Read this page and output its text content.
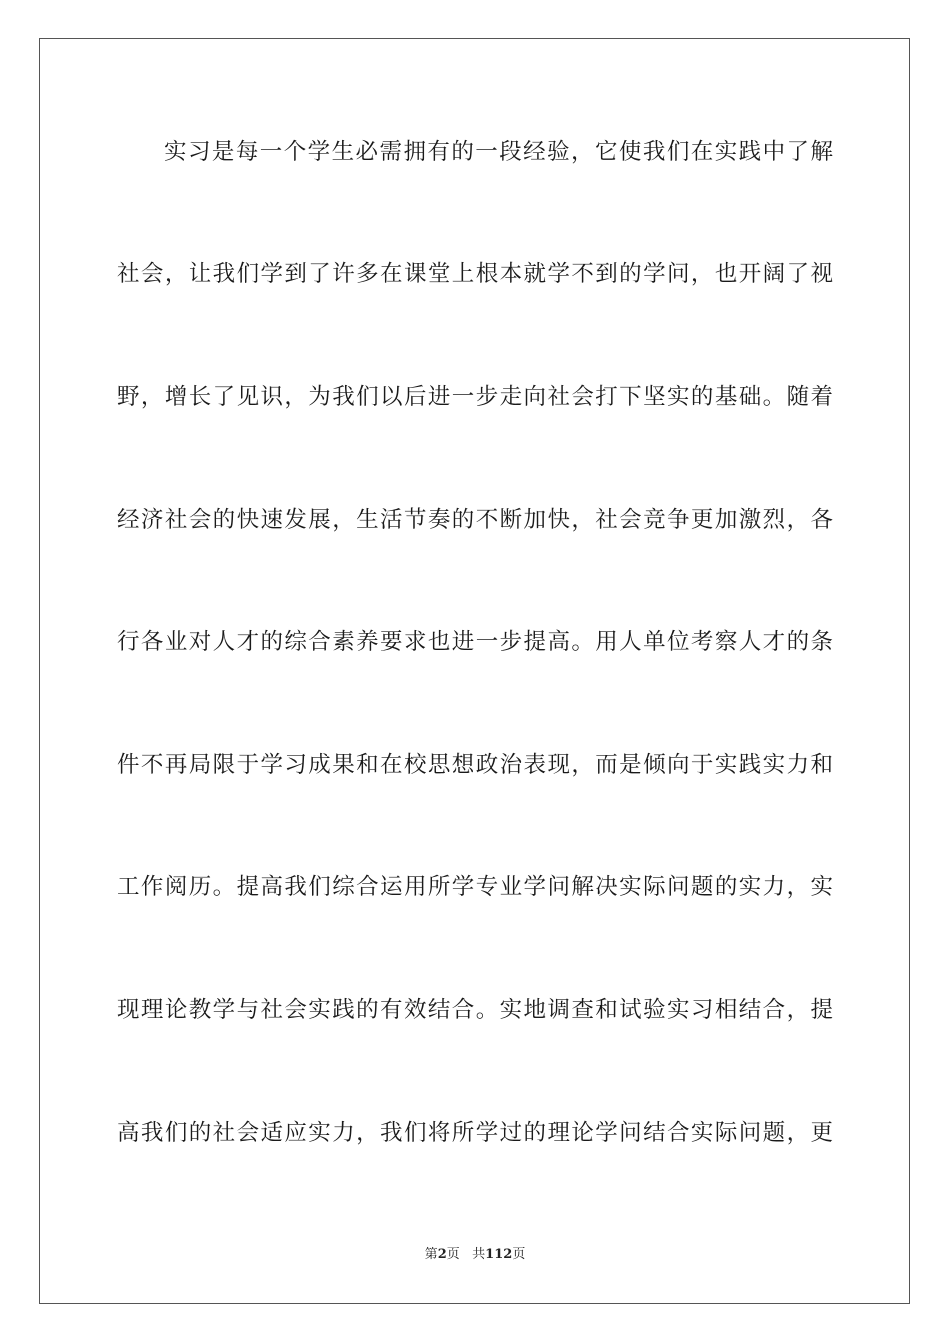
实习是每一个学生必需拥有的一段经验，它使我们在实践中了解
社会，让我们学到了许多在课堂上根本就学不到的学问，也开阔了视
野，增长了见识，为我们以后进一步走向社会打下坚实的基础。随着
经济社会的快速发展，生活节奏的不断加快，社会竞争更加激烈，各
行各业对人才的综合素养要求也进一步提高。用人单位考察人才的条
件不再局限于学习成果和在校思想政治表现，而是倾向于实践实力和
工作阅历。提高我们综合运用所学专业学问解决实际问题的实力，实
现理论教学与社会实践的有效结合。实地调查和试验实习相结合，提
高我们的社会适应实力，我们将所学过的理论学问结合实际问题，更
第2页 共112页
